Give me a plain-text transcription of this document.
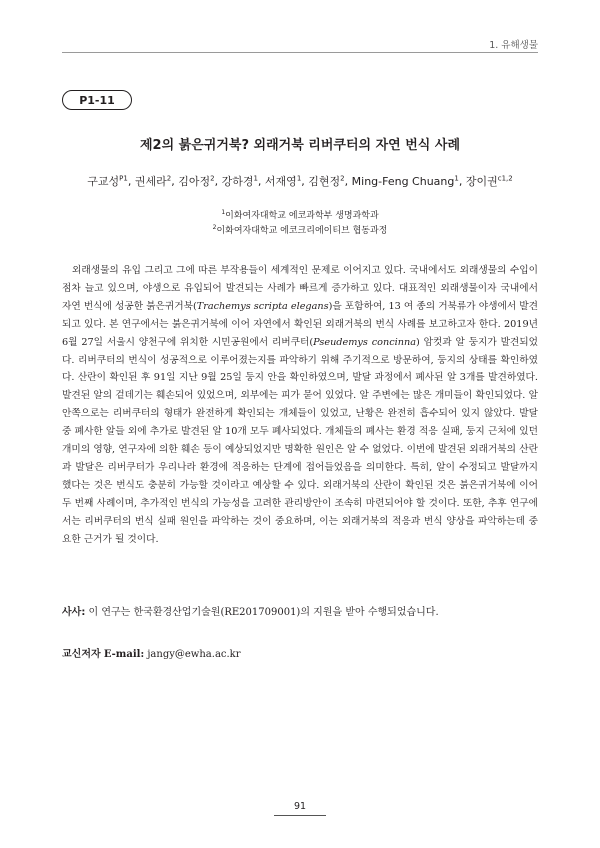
1. 유해생물
P1-11
제2의 붉은귀거북? 외래거북 리버쿠터의 자연 번식 사례
구교성$^{P1}$, 권세라$^2$, 김아정$^2$, 강하경$^1$, 서재영$^1$, 김현정$^2$, Ming-Feng Chuang$^1$, 장이권$^{c1,2}$
$^1$이화여자대학교 에코과학부 생명과학과
$^2$이화여자대학교 에코크리에이티브 협동과정

외래생물의 유입 그리고 그에 따른 부작용들이 세계적인 문제로 이어지고 있다. 국내에서도 외래생물의 수입이 점차 늘고 있으며, 야생으로 유입되어 발견되는 사례가 빠르게 증가하고 있다. 대표적인 외래생물이자 국내에서 자연 번식에 성공한 붉은귀거북(Trachemys scripta elegans)을 포함하여, 13 여 종의 거북류가 야생에서 발견되고 있다. 본 연구에서는 붉은귀거북에 이어 자연에서 확인된 외래거북의 번식 사례를 보고하고자 한다. 2019년 6월 27일 서울시 양천구에 위치한 시민공원에서 리버쿠터(Pseudemys concinna) 암컷과 알 둥지가 발견되었다. 리버쿠터의 번식이 성공적으로 이루어졌는지를 파악하기 위해 주기적으로 방문하여, 둥지의 상태를 확인하였다. 산란이 확인된 후 91일 지난 9월 25일 둥지 안을 확인하였으며, 발달 과정에서 폐사된 알 3개를 발견하였다. 발견된 알의 겉데기는 훼손되어 있었으며, 외부에는 피가 묻어 있었다. 알 주변에는 많은 개미들이 확인되었다. 알 안쪽으로는 리버쿠터의 형태가 완전하게 확인되는 개체들이 있었고, 난황은 완전히 흡수되어 있지 않았다. 발달 중 폐사한 알들 외에 추가로 발견된 알 10개 모두 폐사되었다. 개체들의 폐사는 환경 적응 실패, 둥지 근처에 있던 개미의 영향, 연구자에 의한 훼손 등이 예상되었지만 명확한 원인은 알 수 없었다. 이번에 발견된 외래거북의 산란과 발달은 리버쿠터가 우리나라 환경에 적응하는 단계에 접어들었음을 의미한다. 특히, 알이 수정되고 발달까지 했다는 것은 번식도 충분히 가능할 것이라고 예상할 수 있다. 외래거북의 산란이 확인된 것은 붉은귀거북에 이어 두 번째 사례이며, 추가적인 번식의 가능성을 고려한 관리방안이 조속히 마련되어야 할 것이다. 또한, 추후 연구에서는 리버쿠터의 번식 실패 원인을 파악하는 것이 중요하며, 이는 외래거북의 적응과 번식 양상을 파악하는데 중요한 근거가 될 것이다.

사사: 이 연구는 한국환경산업기술원(RE201709001)의 지원을 받아 수행되었습니다.
교신저자 E-mail: jangy@ewha.ac.kr
91
